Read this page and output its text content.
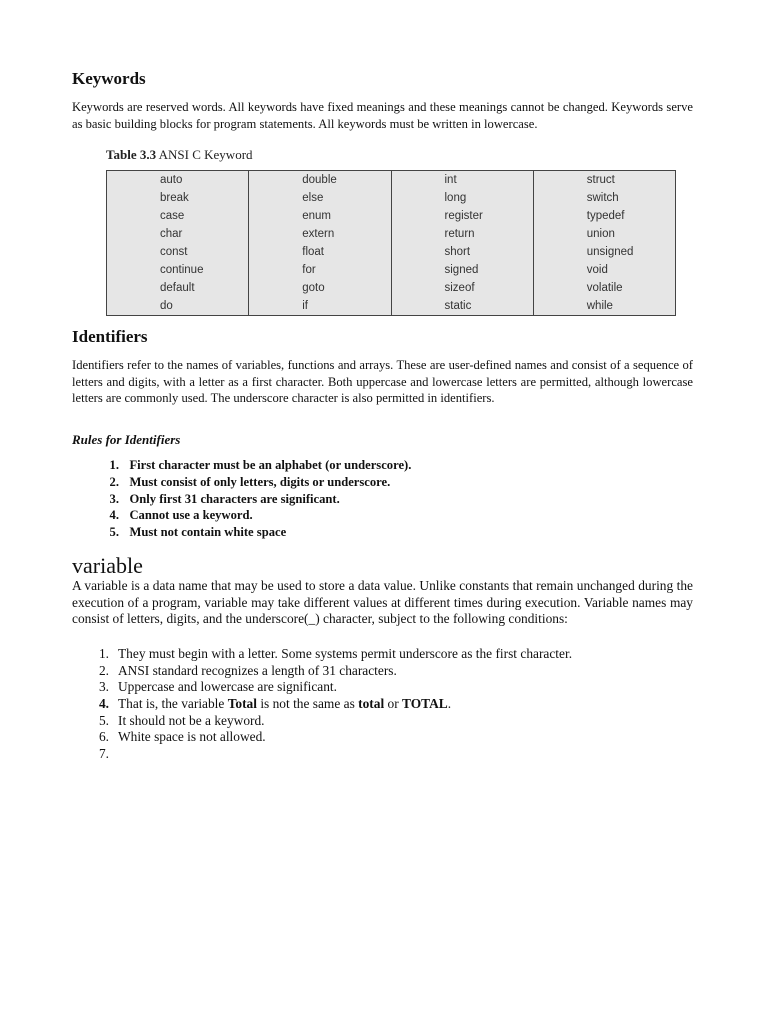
Keywords

Keywords are reserved words. All keywords have fixed meanings and these meanings cannot be changed. Keywords serve as basic building blocks for program statements. All keywords must be written in lowercase.

Table 3.3 ANSI C Keyword
auto	double	int	struct
break	else	long	switch
case	enum	register	typedef
char	extern	return	union
const	float	short	unsigned
continue	for	signed	void
default	goto	sizeof	volatile
do	if	static	while
Identifiers

Identifiers refer to the names of variables, functions and arrays. These are user-defined names and consist of a sequence of letters and digits, with a letter as a first character. Both uppercase and lowercase letters are permitted, although lowercase letters are commonly used. The underscore character is also permitted in identifiers.

Rules for Identifiers

1. First character must be an alphabet (or underscore).
2. Must consist of only letters, digits or underscore.
3. Only first 31 characters are significant.
4. Cannot use a keyword.
5. Must not contain white space
variable

A variable is a data name that may be used to store a data value. Unlike constants that remain unchanged during the execution of a program, variable may take different values at different times during execution. Variable names may consist of letters, digits, and the underscore(_) character, subject to the following conditions:

1. They must begin with a letter. Some systems permit underscore as the first character.
2. ANSI standard recognizes a length of 31 characters.
3. Uppercase and lowercase are significant.
4. That is, the variable Total is not the same as total or TOTAL.
5. It should not be a keyword.
6. White space is not allowed.
7.
